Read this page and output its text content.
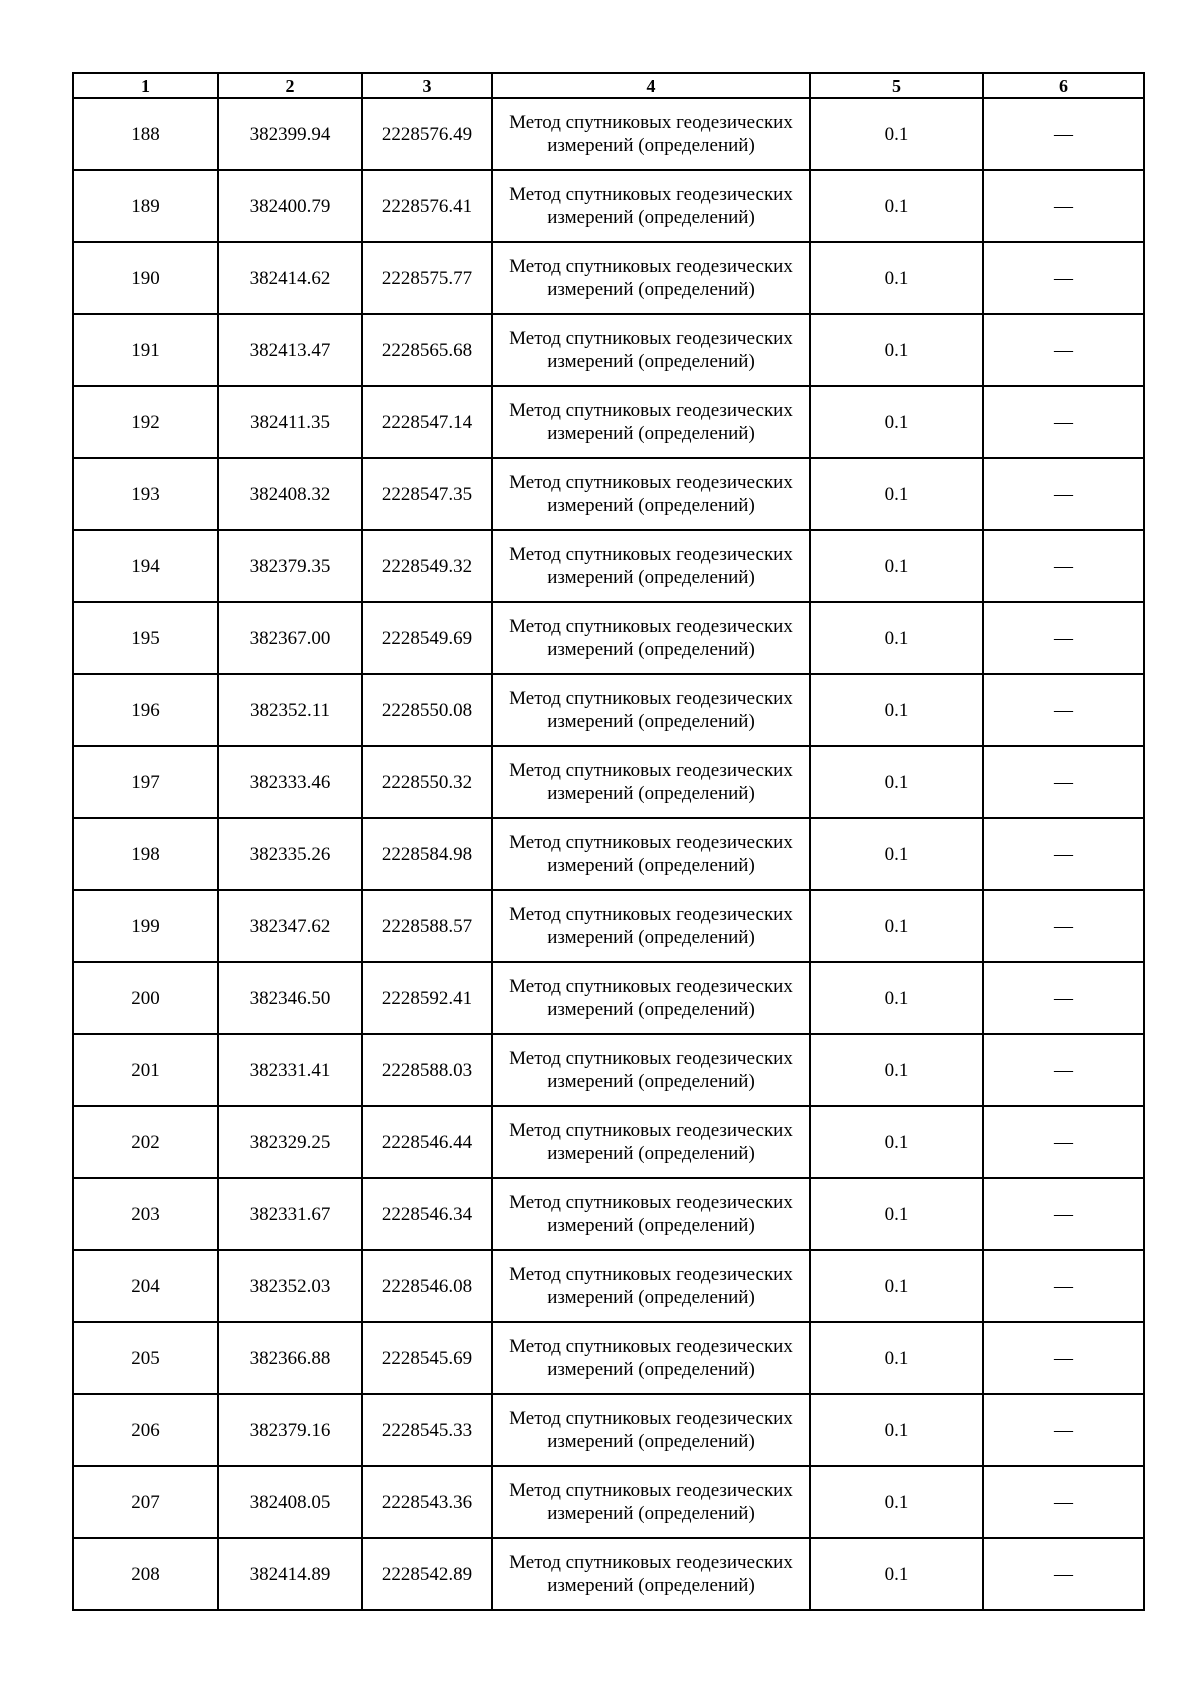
1	2	3	4	5	6
188	382399.94	2228576.49	Метод спутниковых геодезических измерений (определений)	0.1	—
189	382400.79	2228576.41	Метод спутниковых геодезических измерений (определений)	0.1	—
190	382414.62	2228575.77	Метод спутниковых геодезических измерений (определений)	0.1	—
191	382413.47	2228565.68	Метод спутниковых геодезических измерений (определений)	0.1	—
192	382411.35	2228547.14	Метод спутниковых геодезических измерений (определений)	0.1	—
193	382408.32	2228547.35	Метод спутниковых геодезических измерений (определений)	0.1	—
194	382379.35	2228549.32	Метод спутниковых геодезических измерений (определений)	0.1	—
195	382367.00	2228549.69	Метод спутниковых геодезических измерений (определений)	0.1	—
196	382352.11	2228550.08	Метод спутниковых геодезических измерений (определений)	0.1	—
197	382333.46	2228550.32	Метод спутниковых геодезических измерений (определений)	0.1	—
198	382335.26	2228584.98	Метод спутниковых геодезических измерений (определений)	0.1	—
199	382347.62	2228588.57	Метод спутниковых геодезических измерений (определений)	0.1	—
200	382346.50	2228592.41	Метод спутниковых геодезических измерений (определений)	0.1	—
201	382331.41	2228588.03	Метод спутниковых геодезических измерений (определений)	0.1	—
202	382329.25	2228546.44	Метод спутниковых геодезических измерений (определений)	0.1	—
203	382331.67	2228546.34	Метод спутниковых геодезических измерений (определений)	0.1	—
204	382352.03	2228546.08	Метод спутниковых геодезических измерений (определений)	0.1	—
205	382366.88	2228545.69	Метод спутниковых геодезических измерений (определений)	0.1	—
206	382379.16	2228545.33	Метод спутниковых геодезических измерений (определений)	0.1	—
207	382408.05	2228543.36	Метод спутниковых геодезических измерений (определений)	0.1	—
208	382414.89	2228542.89	Метод спутниковых геодезических измерений (определений)	0.1	—
